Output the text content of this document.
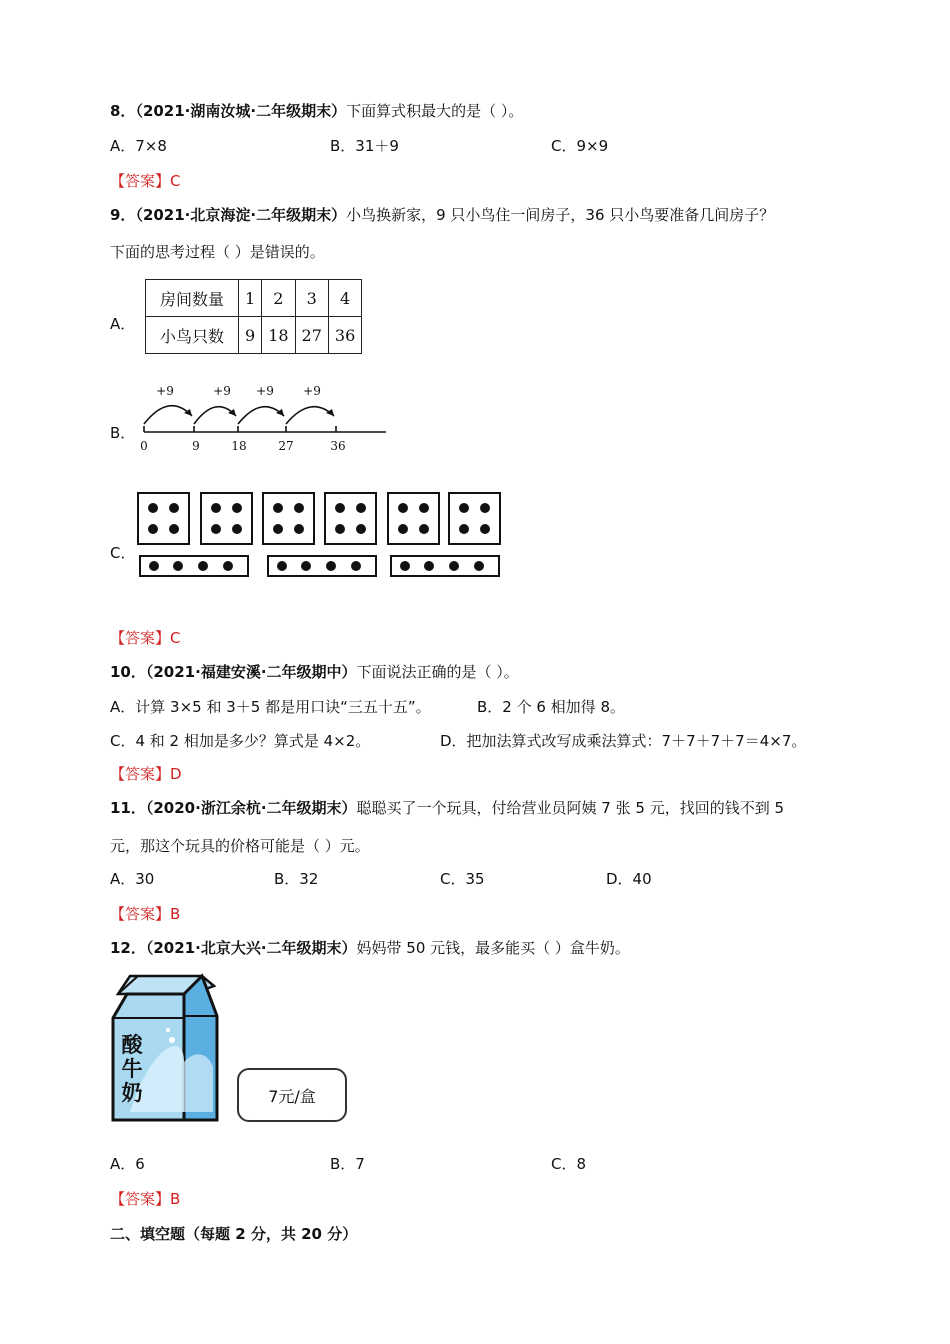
8．（2021·湖南汝城·二年级期末）下面算式积最大的是（ ）。
A．7×8	B．31＋9	C．9×9
【答案】C
9．（2021·北京海淀·二年级期末）小鸟换新家，9 只小鸟住一间房子，36 只小鸟要准备几间房子？
下面的思考过程（ ）是错误的。
A．
房间数量	1	2	3	4
小鸟只数	9	18	27	36
B．
+9	+9 +9 +9
0	9	18	27	36
C．
【答案】C
10．（2021·福建安溪·二年级期中）下面说法正确的是（ ）。
A．计算 3×5 和 3＋5 都是用口诀“三五十五”。	B．2 个 6 相加得 8。
C．4 和 2 相加是多少？算式是 4×2。	D．把加法算式改写成乘法算式：7＋7＋7＋7＝4×7。
【答案】D
11．（2020·浙江余杭·二年级期末）聪聪买了一个玩具，付给营业员阿姨 7 张 5 元，找回的钱不到 5
元，那这个玩具的价格可能是（ ）元。
A．30	B．32	C．35	D．40
【答案】B
12．（2021·北京大兴·二年级期末）妈妈带 50 元钱，最多能买（ ）盒牛奶。
酸
牛
奶	7元/盒
A．6	B．7	C．8
【答案】B
二、填空题（每题 2 分，共 20 分）
